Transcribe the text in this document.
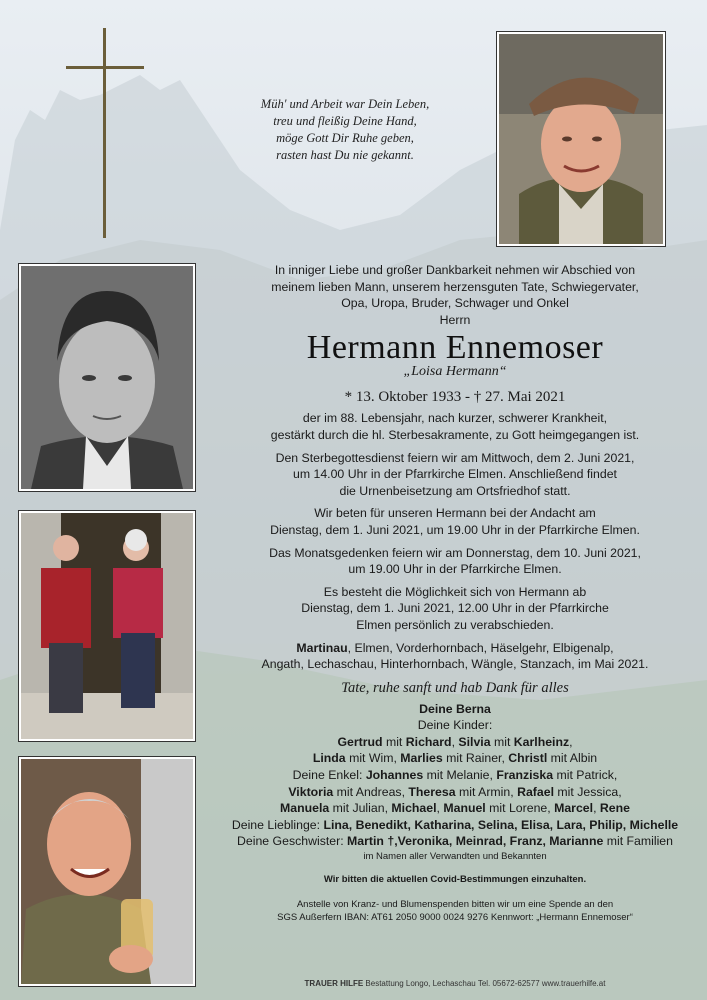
Müh' und Arbeit war Dein Leben,
treu und fleißig Deine Hand,
möge Gott Dir Ruhe geben,
rasten hast Du nie gekannt.

In inniger Liebe und großer Dankbarkeit nehmen wir Abschied von

meinem lieben Mann, unserem herzensguten Tate, Schwiegervater,

Opa, Uropa, Bruder, Schwager und Onkel

Herrn

Hermann Ennemoser
„Loisa Hermann“
* 13. Oktober 1933 - † 27. Mai 2021

der im 88. Lebensjahr, nach kurzer, schwerer Krankheit,

gestärkt durch die hl. Sterbesakramente, zu Gott heimgegangen ist.

Den Sterbegottesdienst feiern wir am Mittwoch, dem 2. Juni 2021,

um 14.00 Uhr in der Pfarrkirche Elmen. Anschließend findet

die Urnenbeisetzung am Ortsfriedhof statt.

Wir beten für unseren Hermann bei der Andacht am

Dienstag, dem 1. Juni 2021, um 19.00 Uhr in der Pfarrkirche Elmen.

Das Monatsgedenken feiern wir am Donnerstag, dem 10. Juni 2021,

um 19.00 Uhr in der Pfarrkirche Elmen.

Es besteht die Möglichkeit sich von Hermann ab

Dienstag, dem 1. Juni 2021, 12.00 Uhr in der Pfarrkirche

Elmen persönlich zu verabschieden.

Martinau, Elmen, Vorderhornbach, Häselgehr, Elbigenalp,

Angath, Lechaschau, Hinterhornbach, Wängle, Stanzach, im Mai 2021.

Tate, ruhe sanft und hab Dank für alles

Deine Berna

Deine Kinder:

Gertrud mit Richard, Silvia mit Karlheinz,

Linda mit Wim, Marlies mit Rainer, Christl mit Albin

Deine Enkel: Johannes mit Melanie, Franziska mit Patrick,

Viktoria mit Andreas, Theresa mit Armin, Rafael mit Jessica,

Manuela mit Julian, Michael, Manuel mit Lorene, Marcel, Rene

Deine Lieblinge: Lina, Benedikt, Katharina, Selina, Elisa, Lara, Philip, Michelle

Deine Geschwister: Martin †,Veronika, Meinrad, Franz, Marianne mit Familien

im Namen aller Verwandten und Bekannten

Wir bitten die aktuellen Covid-Bestimmungen einzuhalten.

Anstelle von Kranz- und Blumenspenden bitten wir um eine Spende an den

SGS Außerfern IBAN: AT61 2050 9000 0024 9276 Kennwort: „Hermann Ennemoser“

TRAUER HILFE Bestattung Longo, Lechaschau Tel. 05672-62577 www.trauerhilfe.at
